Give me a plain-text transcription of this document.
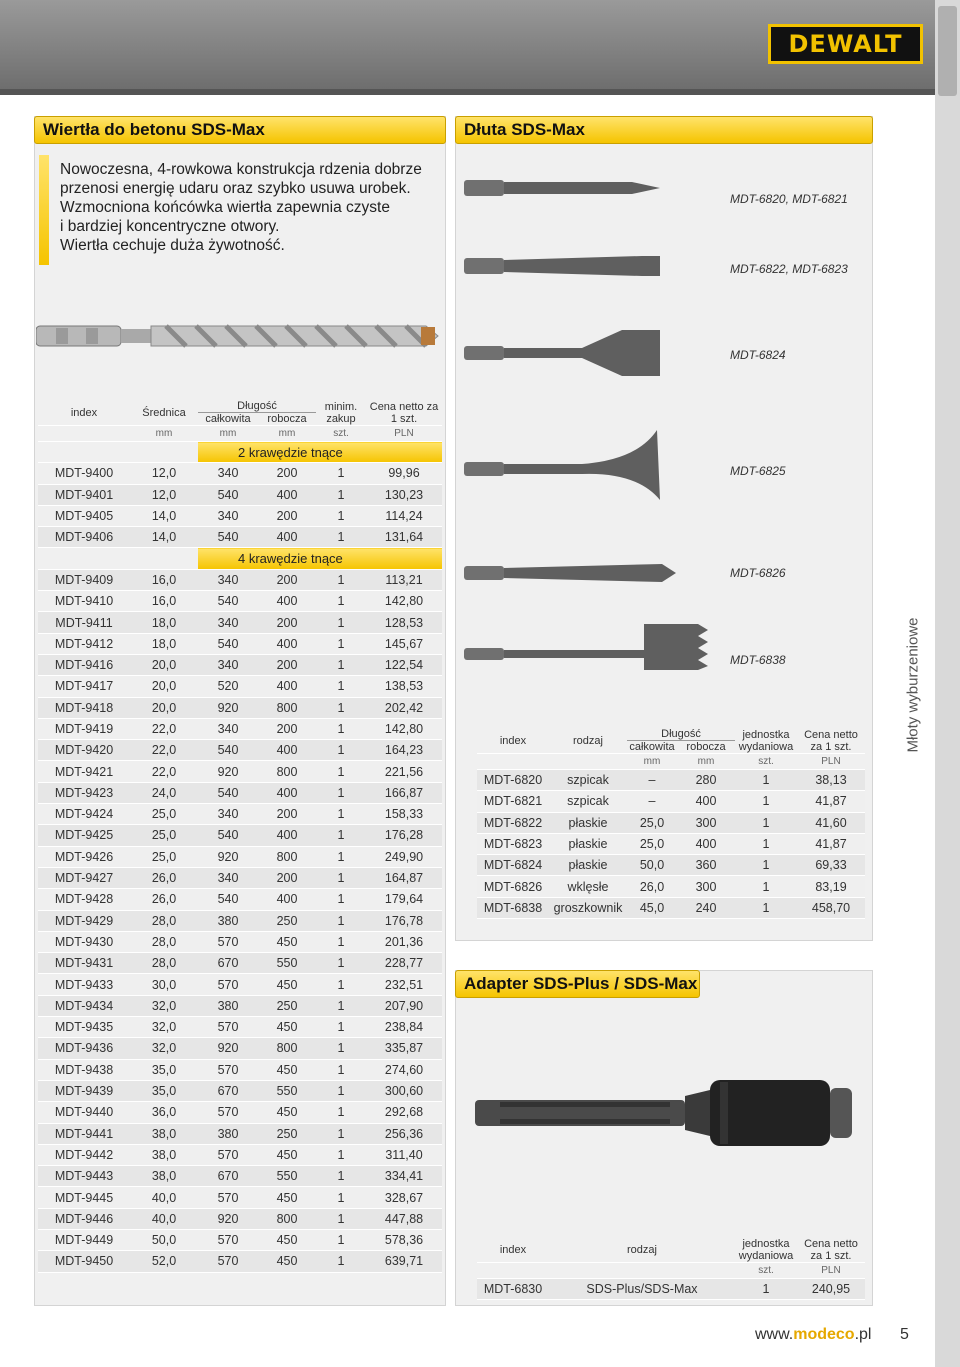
DEWALT
Wiertła do betonu SDS-Max
Nowoczesna, 4-rowkowa konstrukcja rdzenia dobrze
przenosi energię udaru oraz szybko usuwa urobek.
Wzmocniona końcówka wiertła zapewnia czyste
i bardziej koncentryczne otwory.
Wiertła cechuje duża żywotność.
index	Średnica	Długość		minim. zakup	Cena netto za 1 szt.
		całkowita	robocza		
	mm	mm	mm	szt.	PLN
		2 krawędzie tnące			
MDT-9400	12,0	340	200	1	99,96
MDT-9401	12,0	540	400	1	130,23
MDT-9405	14,0	340	200	1	114,24
MDT-9406	14,0	540	400	1	131,64
		4 krawędzie tnące			
MDT-9409	16,0	340	200	1	113,21
MDT-9410	16,0	540	400	1	142,80
MDT-9411	18,0	340	200	1	128,53
MDT-9412	18,0	540	400	1	145,67
MDT-9416	20,0	340	200	1	122,54
MDT-9417	20,0	520	400	1	138,53
MDT-9418	20,0	920	800	1	202,42
MDT-9419	22,0	340	200	1	142,80
MDT-9420	22,0	540	400	1	164,23
MDT-9421	22,0	920	800	1	221,56
MDT-9423	24,0	540	400	1	166,87
MDT-9424	25,0	340	200	1	158,33
MDT-9425	25,0	540	400	1	176,28
MDT-9426	25,0	920	800	1	249,90
MDT-9427	26,0	340	200	1	164,87
MDT-9428	26,0	540	400	1	179,64
MDT-9429	28,0	380	250	1	176,78
MDT-9430	28,0	570	450	1	201,36
MDT-9431	28,0	670	550	1	228,77
MDT-9433	30,0	570	450	1	232,51
MDT-9434	32,0	380	250	1	207,90
MDT-9435	32,0	570	450	1	238,84
MDT-9436	32,0	920	800	1	335,87
MDT-9438	35,0	570	450	1	274,60
MDT-9439	35,0	670	550	1	300,60
MDT-9440	36,0	570	450	1	292,68
MDT-9441	38,0	380	250	1	256,36
MDT-9442	38,0	570	450	1	311,40
MDT-9443	38,0	670	550	1	334,41
MDT-9445	40,0	570	450	1	328,67
MDT-9446	40,0	920	800	1	447,88
MDT-9449	50,0	570	450	1	578,36
MDT-9450	52,0	570	450	1	639,71
Dłuta SDS-Max
MDT-6820, MDT-6821
MDT-6822, MDT-6823
MDT-6824
MDT-6825
MDT-6826
MDT-6838
index	rodzaj	Długość		jednostka wydaniowa	Cena netto za 1 szt.
		całkowita	robocza		
		mm	mm	szt.	PLN
MDT-6820	szpicak	–	280	1	38,13
MDT-6821	szpicak	–	400	1	41,87
MDT-6822	płaskie	25,0	300	1	41,60
MDT-6823	płaskie	25,0	400	1	41,87
MDT-6824	płaskie	50,0	360	1	69,33
MDT-6826	wklęsłe	26,0	300	1	83,19
MDT-6838	groszkownik	45,0	240	1	458,70
Adapter SDS-Plus / SDS-Max
index	rodzaj	jednostka wydaniowa	Cena netto za 1 szt.
		szt.	PLN
MDT-6830	SDS-Plus/SDS-Max	1	240,95
Młoty wyburzeniowe
www.modeco.pl 5
